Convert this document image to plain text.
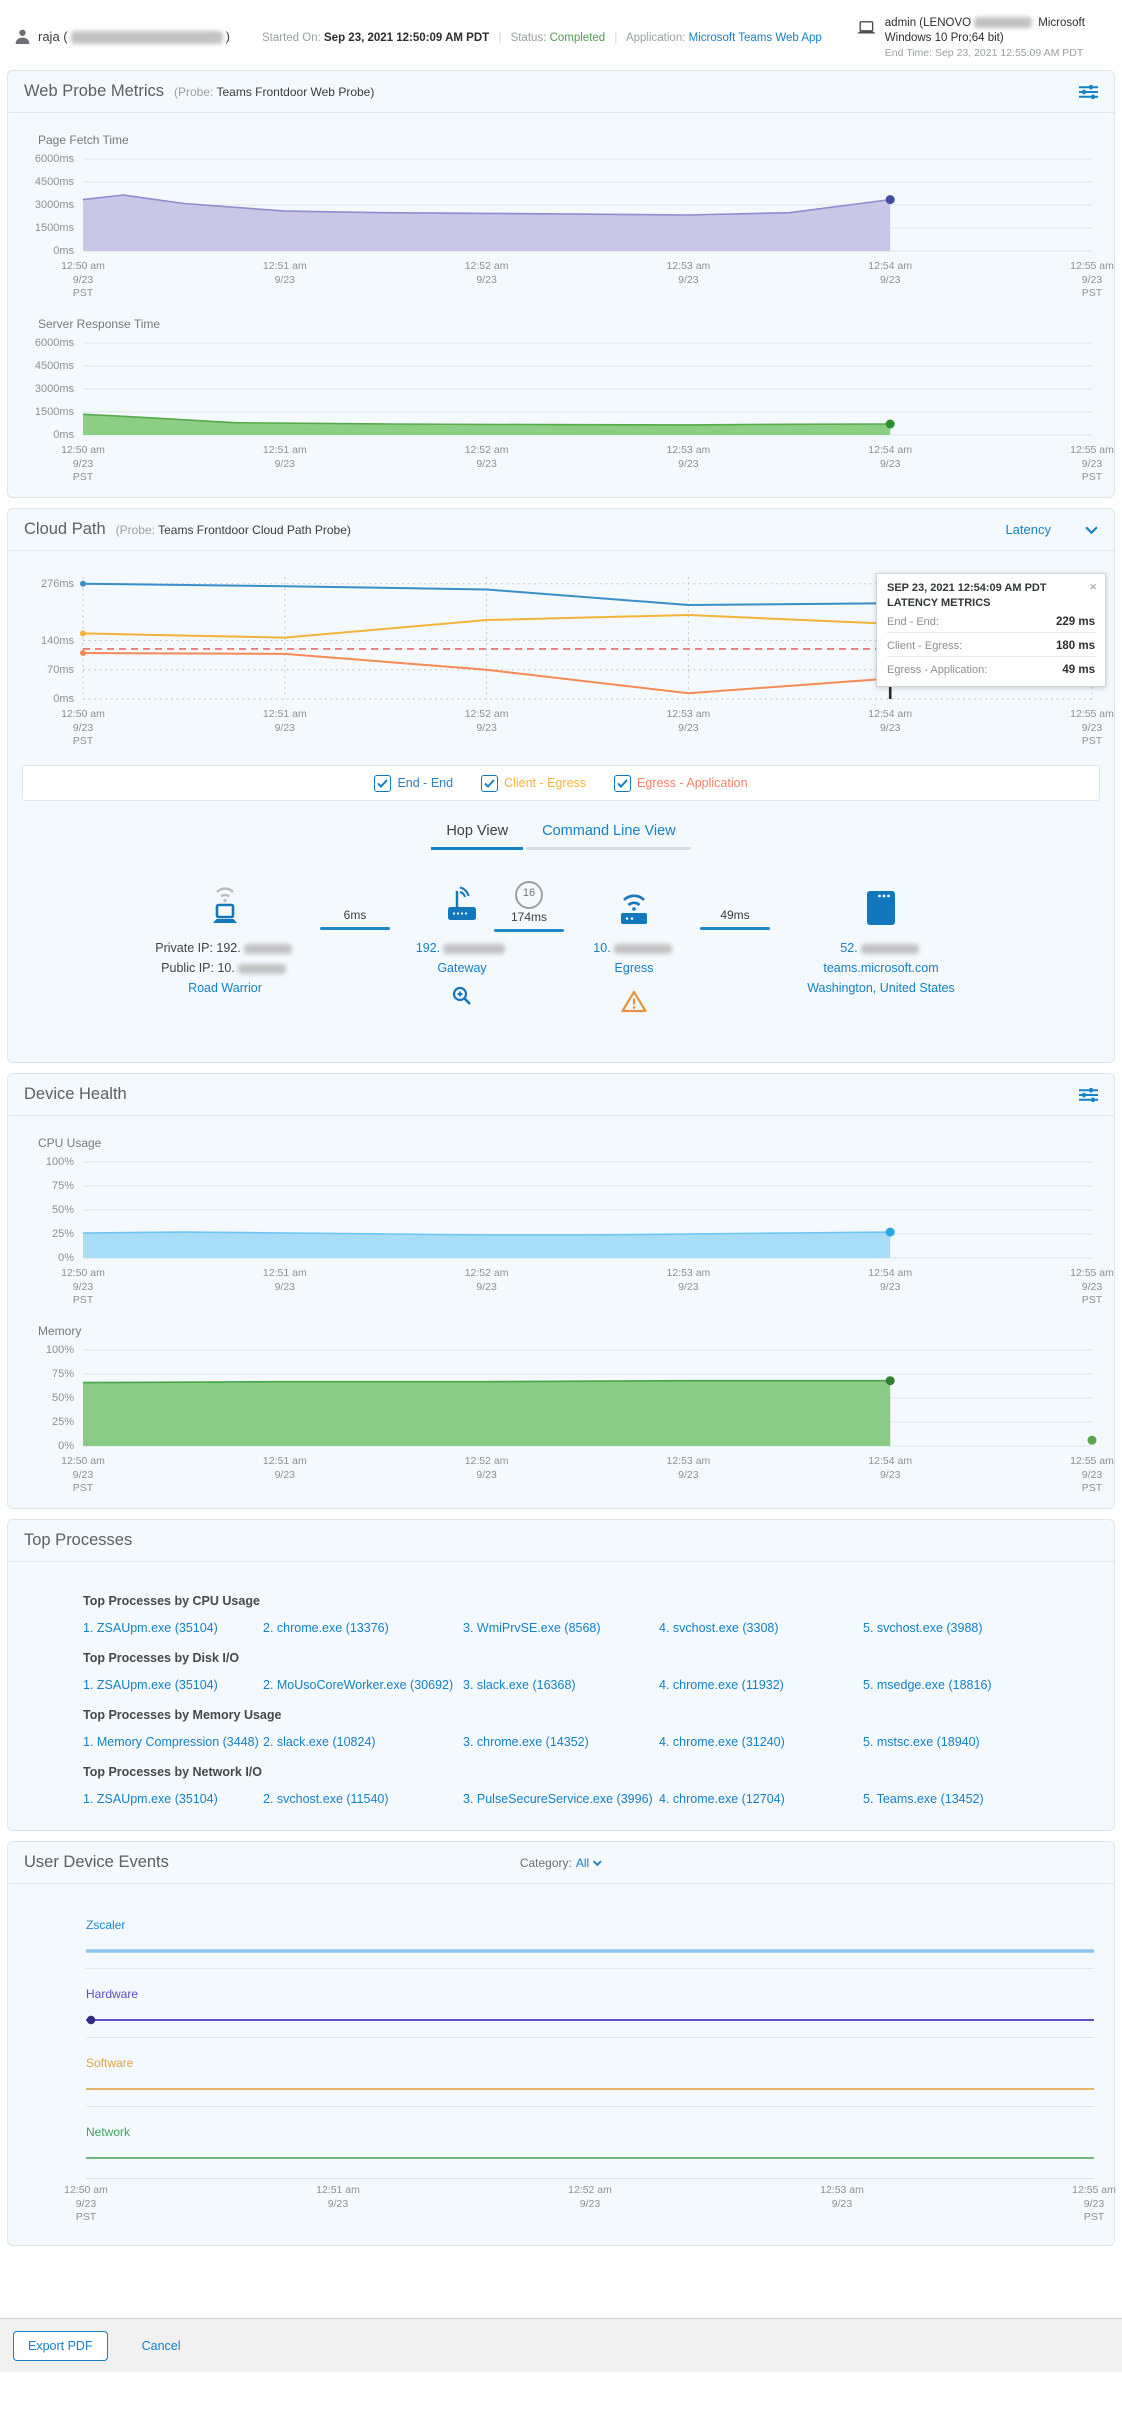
raja (	)	Started On: Sep 23, 2021 12:50:09 AM PDT | Status: Completed | Application: Microsoft Teams Web App
admin (LENOVO	Microsoft Windows 10 Pro;64 bit)
End Time: Sep 23, 2021 12:55:09 AM PDT
Web Probe Metrics (Probe: Teams Frontdoor Web Probe)
Page Fetch Time
6000ms
4500ms
3000ms
1500ms
0ms
12:50 am
9/23
PST
12:51 am
9/23
12:52 am
9/23
12:53 am
9/23
12:54 am
9/23
12:55 am
9/23
PST
Server Response Time
6000ms
4500ms
3000ms
1500ms
0ms
12:50 am
9/23
PST
12:51 am
9/23
12:52 am
9/23
12:53 am
9/23
12:54 am
9/23
12:55 am
9/23
PST
Cloud Path (Probe: Teams Frontdoor Cloud Path Probe)	Latency
276ms
140ms
70ms
0ms
12:50 am
9/23
PST
12:51 am
9/23
12:52 am
9/23
12:53 am
9/23
12:54 am
9/23
12:55 am
9/23
PST
×
SEP 23, 2021 12:54:09 AM PDT
LATENCY METRICS
End - End:	229 ms
Client - Egress:	180 ms
Egress - Application:	49 ms
End - End	Client - Egress	Egress - Application
Hop View	Command Line View
Private IP: 192.
Public IP: 10.
Road Warrior
6ms
192.
Gateway
16
174ms
10.
Egress
49ms
52.
teams.microsoft.com
Washington, United States
Device Health
CPU Usage
100%
75%
50%
25%
0%
12:50 am
9/23
PST
12:51 am
9/23
12:52 am
9/23
12:53 am
9/23
12:54 am
9/23
12:55 am
9/23
PST
Memory
100%
75%
50%
25%
0%
12:50 am
9/23
PST
12:51 am
9/23
12:52 am
9/23
12:53 am
9/23
12:54 am
9/23
12:55 am
9/23
PST
Top Processes
Top Processes by CPU Usage
1. ZSAUpm.exe (35104)	2. chrome.exe (13376)	3. WmiPrvSE.exe (8568)	4. svchost.exe (3308)	5. svchost.exe (3988)
Top Processes by Disk I/O
1. ZSAUpm.exe (35104)	2. MoUsoCoreWorker.exe (30692) 3. slack.exe (16368)	4. chrome.exe (11932)	5. msedge.exe (18816)
Top Processes by Memory Usage
1. Memory Compression (3448) 2. slack.exe (10824)	3. chrome.exe (14352)	4. chrome.exe (31240)	5. mstsc.exe (18940)
Top Processes by Network I/O
1. ZSAUpm.exe (35104)	2. svchost.exe (11540)	3. PulseSecureService.exe (3996) 4. chrome.exe (12704)	5. Teams.exe (13452)
User Device Events	Category: All
Zscaler
Hardware
Software
Network
12:50 am
9/23
PST
12:51 am
9/23
12:52 am
9/23
12:53 am
9/23
12:55 am
9/23
PST
Export PDF	Cancel
